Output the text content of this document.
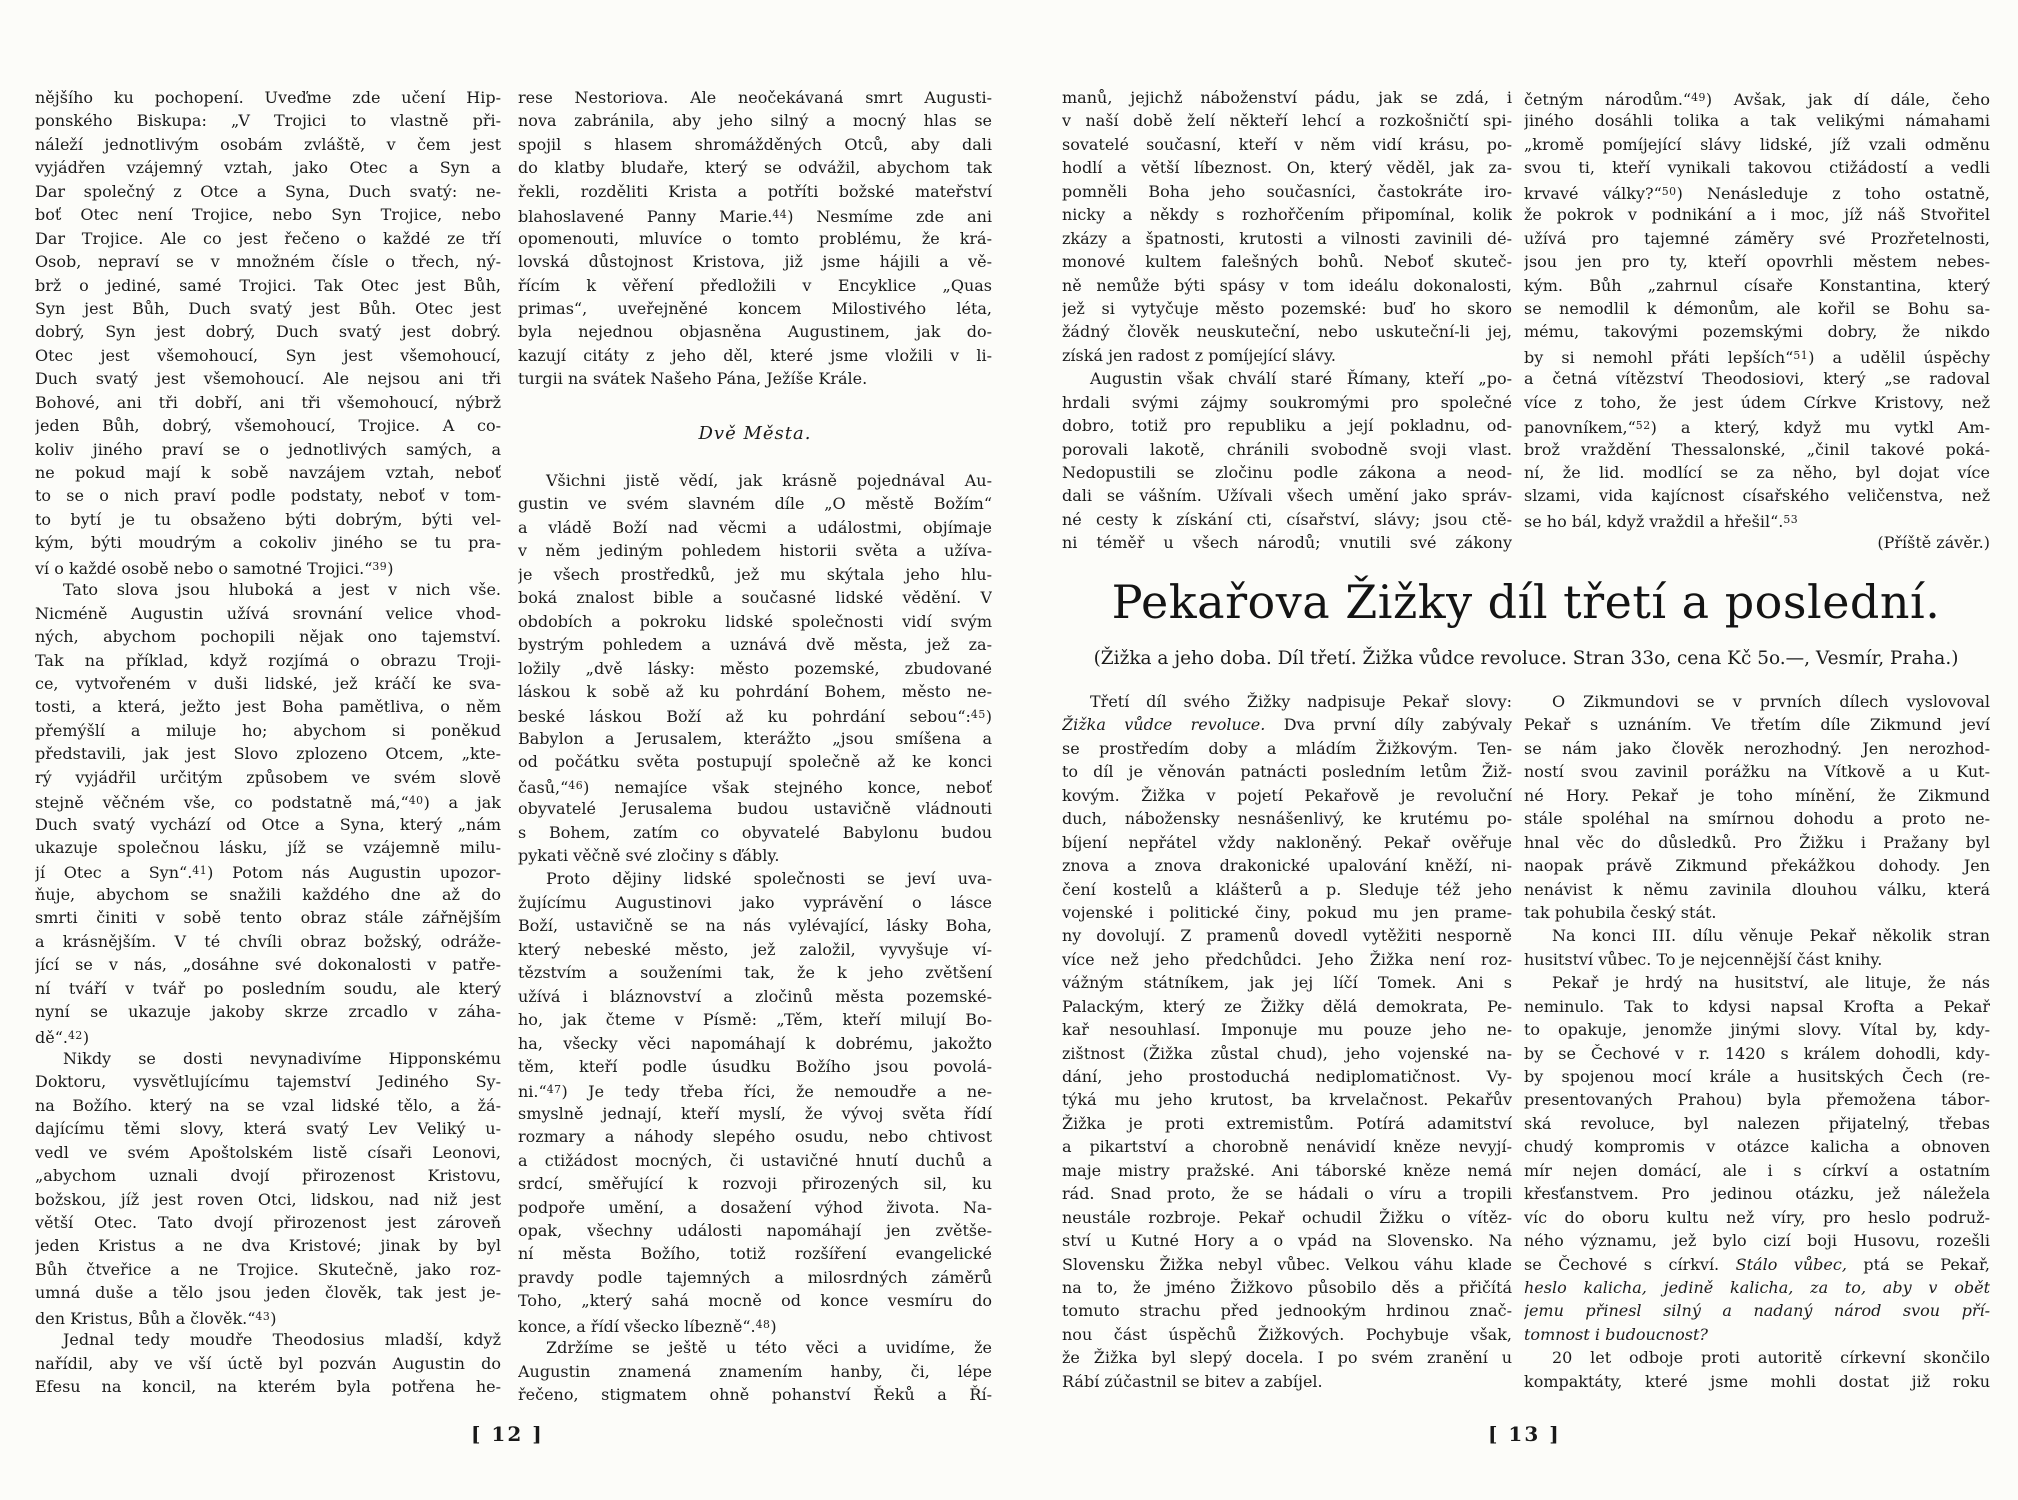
nějšího ku pochopení. Uveďme zde učení Hip-
ponského Biskupa: „V Trojici to vlastně při-
náleží jednotlivým osobám zvláště, v čem jest
vyjádřen vzájemný vztah, jako Otec a Syn a
Dar společný z Otce a Syna, Duch svatý: ne-
boť Otec není Trojice, nebo Syn Trojice, nebo
Dar Trojice. Ale co jest řečeno o každé ze tří
Osob, nepraví se v množném čísle o třech, ný-
brž o jediné, samé Trojici. Tak Otec jest Bůh,
Syn jest Bůh, Duch svatý jest Bůh. Otec jest
dobrý, Syn jest dobrý, Duch svatý jest dobrý.
Otec jest všemohoucí, Syn jest všemohoucí,
Duch svatý jest všemohoucí. Ale nejsou ani tři
Bohové, ani tři dobří, ani tři všemohoucí, nýbrž
jeden Bůh, dobrý, všemohoucí, Trojice. A co-
koliv jiného praví se o jednotlivých samých, a
ne pokud mají k sobě navzájem vztah, neboť
to se o nich praví podle podstaty, neboť v tom-
to bytí je tu obsaženo býti dobrým, býti vel-
kým, býti moudrým a cokoliv jiného se tu pra-
ví o každé osobě nebo o samotné Trojici.“$^{39}$)
Tato slova jsou hluboká a jest v nich vše.
Nicméně Augustin užívá srovnání velice vhod-
ných, abychom pochopili nějak ono tajemství.
Tak na příklad, když rozjímá o obrazu Troji-
ce, vytvořeném v duši lidské, jež kráčí ke sva-
tosti, a která, ježto jest Boha pamětliva, o něm
přemýšlí a miluje ho; abychom si poněkud
představili, jak jest Slovo zplozeno Otcem, „kte-
rý vyjádřil určitým způsobem ve svém slově
stejně věčném vše, co podstatně má,“$^{40}$) a jak
Duch svatý vychází od Otce a Syna, který „nám
ukazuje společnou lásku, jíž se vzájemně milu-
jí Otec a Syn“.$^{41}$) Potom nás Augustin upozor-
ňuje, abychom se snažili každého dne až do
smrti činiti v sobě tento obraz stále zářnějším
a krásnějším. V té chvíli obraz božský, odráže-
jící se v nás, „dosáhne své dokonalosti v patře-
ní tváří v tvář po posledním soudu, ale který
nyní se ukazuje jakoby skrze zrcadlo v záha-
dě“.$^{42}$)
Nikdy se dosti nevynadivíme Hipponskému
Doktoru, vysvětlujícímu tajemství Jediného Sy-
na Božího. který na se vzal lidské tělo, a žá-
dajícímu těmi slovy, která svatý Lev Veliký u-
vedl ve svém Apoštolském listě císaři Leonovi,
„abychom uznali dvojí přirozenost Kristovu,
božskou, jíž jest roven Otci, lidskou, nad niž jest
větší Otec. Tato dvojí přirozenost jest zároveň
jeden Kristus a ne dva Kristové; jinak by byl
Bůh čtveřice a ne Trojice. Skutečně, jako roz-
umná duše a tělo jsou jeden člověk, tak jest je-
den Kristus, Bůh a člověk.“$^{43}$)
Jednal tedy moudře Theodosius mladší, když
nařídil, aby ve vší úctě byl pozván Augustin do
Efesu na koncil, na kterém byla potřena he-
rese Nestoriova. Ale neočekávaná smrt Augusti-
nova zabránila, aby jeho silný a mocný hlas se
spojil s hlasem shromážděných Otců, aby dali
do klatby bludaře, který se odvážil, abychom tak
řekli, rozděliti Krista a potříti božské mateřství
blahoslavené Panny Marie.$^{44}$) Nesmíme zde ani
opomenouti, mluvíce o tomto problému, že krá-
lovská důstojnost Kristova, již jsme hájili a vě-
řícím k věření předložili v Encyklice „Quas
primas“, uveřejněné koncem Milostivého léta,
byla nejednou objasněna Augustinem, jak do-
kazují citáty z jeho děl, které jsme vložili v li-
turgii na svátek Našeho Pána, Ježíše Krále.
Dvě Města.
Všichni jistě vědí, jak krásně pojednával Au-
gustin ve svém slavném díle „O městě Božím“
a vládě Boží nad věcmi a událostmi, objímaje
v něm jediným pohledem historii světa a užíva-
je všech prostředků, jež mu skýtala jeho hlu-
boká znalost bible a současné lidské vědění. V
obdobích a pokroku lidské společnosti vidí svým
bystrým pohledem a uznává dvě města, jež za-
ložily „dvě lásky: město pozemské, zbudované
láskou k sobě až ku pohrdání Bohem, město ne-
beské láskou Boží až ku pohrdání sebou“:$^{45}$)
Babylon a Jerusalem, kterážto „jsou smíšena a
od počátku světa postupují společně až ke konci
časů,“$^{46}$) nemajíce však stejného konce, neboť
obyvatelé Jerusalema budou ustavičně vládnouti
s Bohem, zatím co obyvatelé Babylonu budou
pykati věčně své zločiny s ďábly.
Proto dějiny lidské společnosti se jeví uva-
žujícímu Augustinovi jako vyprávění o lásce
Boží, ustavičně se na nás vylévající, lásky Boha,
který nebeské město, jež založil, vyvyšuje ví-
tězstvím a souženími tak, že k jeho zvětšení
užívá i bláznovství a zločinů města pozemské-
ho, jak čteme v Písmě: „Těm, kteří milují Bo-
ha, všecky věci napomáhají k dobrému, jakožto
těm, kteří podle úsudku Božího jsou povolá-
ni.“$^{47}$) Je tedy třeba říci, že nemoudře a ne-
smyslně jednají, kteří myslí, že vývoj světa řídí
rozmary a náhody slepého osudu, nebo chtivost
a ctižádost mocných, či ustavičné hnutí duchů a
srdcí, směřující k rozvoji přirozených sil, ku
podpoře umění, a dosažení výhod života. Na-
opak, všechny události napomáhají jen zvětše-
ní města Božího, totiž rozšíření evangelické
pravdy podle tajemných a milosrdných záměrů
Toho, „který sahá mocně od konce vesmíru do
konce, a řídí všecko líbezně“.$^{48}$)
Zdržíme se ještě u této věci a uvidíme, že
Augustin znamená znamením hanby, či, lépe
řečeno, stigmatem ohně pohanství Řeků a Ří-
manů, jejichž náboženství pádu, jak se zdá, i
v naší době želí někteří lehcí a rozkošničtí spi-
sovatelé současní, kteří v něm vidí krásu, po-
hodlí a větší líbeznost. On, který věděl, jak za-
pomněli Boha jeho současníci, častokráte iro-
nicky a někdy s rozhořčením připomínal, kolik
zkázy a špatnosti, krutosti a vilnosti zavinili dé-
monové kultem falešných bohů. Neboť skuteč-
ně nemůže býti spásy v tom ideálu dokonalosti,
jež si vytyčuje město pozemské: buď ho skoro
žádný člověk neuskuteční, nebo uskuteční-li jej,
získá jen radost z pomíjející slávy.
Augustin však chválí staré Římany, kteří „po-
hrdali svými zájmy soukromými pro společné
dobro, totiž pro republiku a její pokladnu, od-
porovali lakotě, chránili svobodně svoji vlast.
Nedopustili se zločinu podle zákona a neod-
dali se vášním. Užívali všech umění jako správ-
né cesty k získání cti, císařství, slávy; jsou ctě-
ni téměř u všech národů; vnutili své zákony
četným národům.“$^{49}$) Avšak, jak dí dále, čeho
jiného dosáhli tolika a tak velikými námahami
„kromě pomíjející slávy lidské, jíž vzali odměnu
svou ti, kteří vynikali takovou ctižádostí a vedli
krvavé války?“$^{50}$) Nenásleduje z toho ostatně,
že pokrok v podnikání a i moc, jíž náš Stvořitel
užívá pro tajemné záměry své Prozřetelnosti,
jsou jen pro ty, kteří opovrhli městem nebes-
kým. Bůh „zahrnul císaře Konstantina, který
se nemodlil k démonům, ale kořil se Bohu sa-
mému, takovými pozemskými dobry, že nikdo
by si nemohl přáti lepších“$^{51}$) a udělil úspěchy
a četná vítězství Theodosiovi, který „se radoval
více z toho, že jest údem Církve Kristovy, než
panovníkem,“$^{52}$) a který, když mu vytkl Am-
brož vraždění Thessalonské, „činil takové poká-
ní, že lid. modlící se za něho, byl dojat více
slzami, vida kajícnost císařského veličenstva, než
se ho bál, když vraždil a hřešil“.$^{53}$
(Příště závěr.)
Pekařova Žižky díl třetí a poslední.
(Žižka a jeho doba. Díl třetí. Žižka vůdce revoluce. Stran 33o, cena Kč 5o.—, Vesmír, Praha.)
Třetí díl svého Žižky nadpisuje Pekař slovy:
Žižka vůdce revoluce. Dva první díly zabývaly
se prostředím doby a mládím Žižkovým. Ten-
to díl je věnován patnácti posledním letům Žiž-
kovým. Žižka v pojetí Pekařově je revoluční
duch, nábožensky nesnášenlivý, ke krutému po-
bíjení nepřátel vždy nakloněný. Pekař ověřuje
znova a znova drakonické upalování kněží, ni-
čení kostelů a klášterů a p. Sleduje též jeho
vojenské i politické činy, pokud mu jen prame-
ny dovolují. Z pramenů dovedl vytěžiti nesporně
více než jeho předchůdci. Jeho Žižka není roz-
vážným státníkem, jak jej líčí Tomek. Ani s
Palackým, který ze Žižky dělá demokrata, Pe-
kař nesouhlasí. Imponuje mu pouze jeho ne-
zištnost (Žižka zůstal chud), jeho vojenské na-
dání, jeho prostoduchá nediplomatičnost. Vy-
týká mu jeho krutost, ba krvelačnost. Pekařův
Žižka je proti extremistům. Potírá adamitství
a pikartství a chorobně nenávidí kněze nevyjí-
maje mistry pražské. Ani táborské kněze nemá
rád. Snad proto, že se hádali o víru a tropili
neustále rozbroje. Pekař ochudil Žižku o vítěz-
ství u Kutné Hory a o vpád na Slovensko. Na
Slovensku Žižka nebyl vůbec. Velkou váhu klade
na to, že jméno Žižkovo působilo děs a přičítá
tomuto strachu před jednookým hrdinou znač-
nou část úspěchů Žižkových. Pochybuje však,
že Žižka byl slepý docela. I po svém zranění u
Rábí zúčastnil se bitev a zabíjel.
O Zikmundovi se v prvních dílech vyslovoval
Pekař s uznáním. Ve třetím díle Zikmund jeví
se nám jako člověk nerozhodný. Jen nerozhod-
ností svou zavinil porážku na Vítkově a u Kut-
né Hory. Pekař je toho mínění, že Zikmund
stále spoléhal na smírnou dohodu a proto ne-
hnal věc do důsledků. Pro Žižku i Pražany byl
naopak právě Zikmund překážkou dohody. Jen
nenávist k němu zavinila dlouhou válku, která
tak pohubila český stát.
Na konci III. dílu věnuje Pekař několik stran
husitství vůbec. To je nejcennější část knihy.
Pekař je hrdý na husitství, ale lituje, že nás
neminulo. Tak to kdysi napsal Krofta a Pekař
to opakuje, jenomže jinými slovy. Vítal by, kdy-
by se Čechové v r. 1420 s králem dohodli, kdy-
by spojenou mocí krále a husitských Čech (re-
presentovaných Prahou) byla přemožena tábor-
ská revoluce, byl nalezen přijatelný, třebas
chudý kompromis v otázce kalicha a obnoven
mír nejen domácí, ale i s církví a ostatním
křesťanstvem. Pro jedinou otázku, jež náležela
víc do oboru kultu než víry, pro heslo podruž-
ného významu, jež bylo cizí boji Husovu, rozešli
se Čechové s církví. Stálo vůbec, ptá se Pekař,
heslo kalicha, jedině kalicha, za to, aby v obět
jemu přinesl silný a nadaný národ svou pří-
tomnost i budoucnost?
20 let odboje proti autoritě církevní skončilo
kompaktáty, které jsme mohli dostat již roku
[ 12 ]	[ 13 ]
